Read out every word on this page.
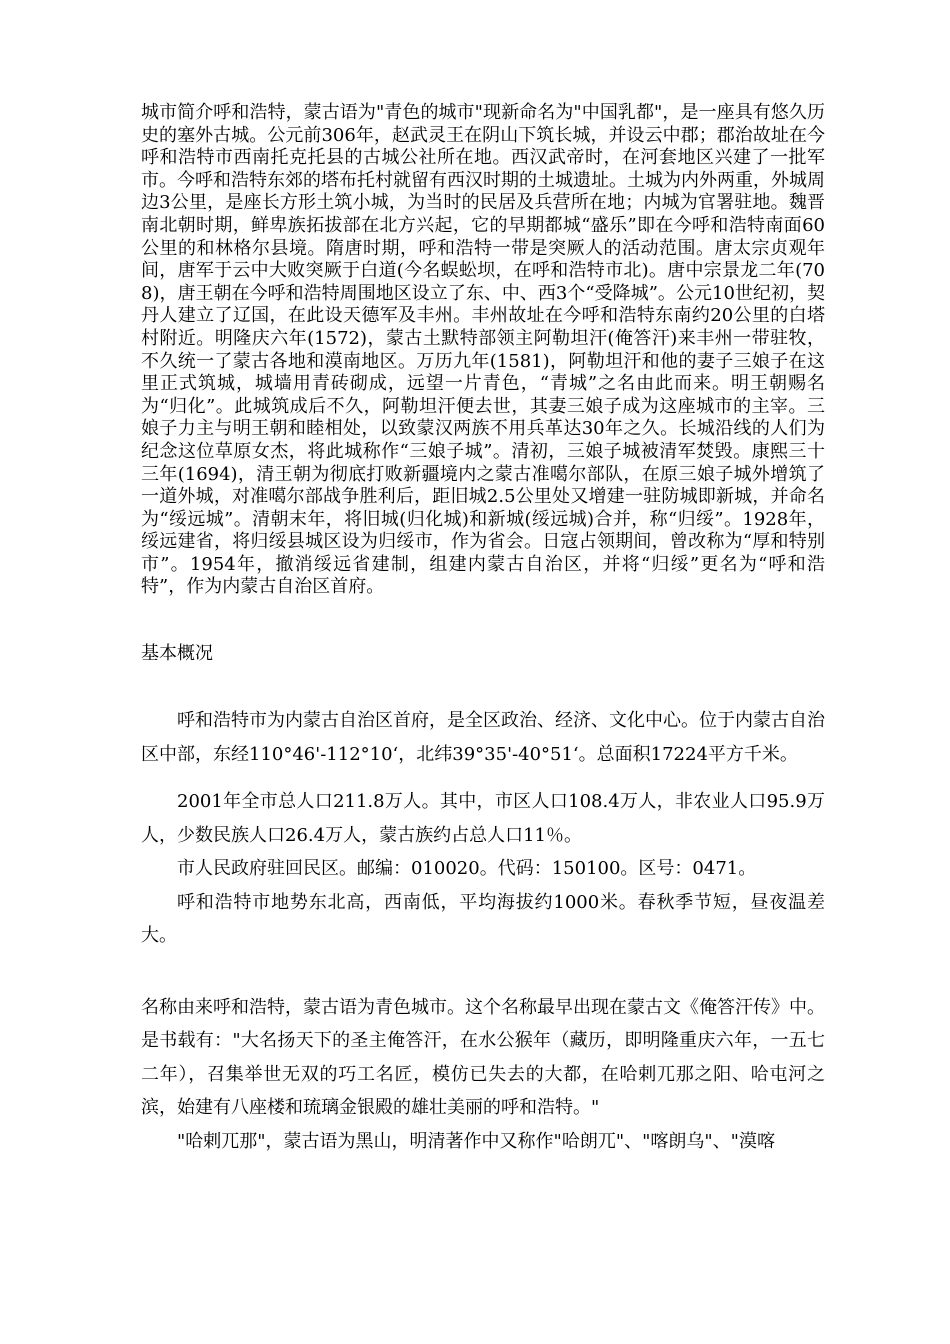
城市简介呼和浩特，蒙古语为"青色的城市"现新命名为"中国乳都"，是一座具有悠久历史的塞外古城。公元前306年，赵武灵王在阴山下筑长城，并设云中郡；郡治故址在今呼和浩特市西南托克托县的古城公社所在地。西汉武帝时，在河套地区兴建了一批军市。今呼和浩特东郊的塔布托村就留有西汉时期的土城遗址。土城为内外两重，外城周边3公里，是座长方形土筑小城，为当时的民居及兵营所在地；内城为官署驻地。魏晋南北朝时期，鲜卑族拓拔部在北方兴起，它的早期都城“盛乐”即在今呼和浩特南面60公里的和林格尔县境。隋唐时期，呼和浩特一带是突厥人的活动范围。唐太宗贞观年间，唐军于云中大败突厥于白道(今名蜈蚣坝，在呼和浩特市北)。唐中宗景龙二年(708)，唐王朝在今呼和浩特周围地区设立了东、中、西3个“受降城”。公元10世纪初，契丹人建立了辽国，在此设天德军及丰州。丰州故址在今呼和浩特东南约20公里的白塔村附近。明隆庆六年(1572)，蒙古土默特部领主阿勒坦汗(俺答汗)来丰州一带驻牧，不久统一了蒙古各地和漠南地区。万历九年(1581)，阿勒坦汗和他的妻子三娘子在这里正式筑城，城墙用青砖砌成，远望一片青色，“青城”之名由此而来。明王朝赐名为“归化”。此城筑成后不久，阿勒坦汗便去世，其妻三娘子成为这座城市的主宰。三娘子力主与明王朝和睦相处，以致蒙汉两族不用兵革达30年之久。长城沿线的人们为纪念这位草原女杰，将此城称作“三娘子城”。清初，三娘子城被清军焚毁。康熙三十三年(1694)，清王朝为彻底打败新疆境内之蒙古准噶尔部队，在原三娘子城外增筑了一道外城，对准噶尔部战争胜利后，距旧城2.5公里处又增建一驻防城即新城，并命名为“绥远城”。清朝末年，将旧城(归化城)和新城(绥远城)合并，称“归绥”。1928年，绥远建省，将归绥县城区设为归绥市，作为省会。日寇占领期间，曾改称为“厚和特别市”。1954年，撤消绥远省建制，组建内蒙古自治区，并将“归绥”更名为“呼和浩特”，作为内蒙古自治区首府。

基本概况

呼和浩特市为内蒙古自治区首府，是全区政治、经济、文化中心。位于内蒙古自治区中部，东经110°46'-112°10‘，北纬39°35'-40°51‘。总面积17224平方千米。

2001年全市总人口211.8万人。其中，市区人口108.4万人，非农业人口95.9万人，少数民族人口26.4万人，蒙古族约占总人口11％。

市人民政府驻回民区。邮编：010020。代码：150100。区号：0471。

呼和浩特市地势东北高，西南低，平均海拔约1000米。春秋季节短，昼夜温差大。

名称由来呼和浩特，蒙古语为青色城市。这个名称最早出现在蒙古文《俺答汗传》中。是书载有："大名扬天下的圣主俺答汗，在水公猴年（藏历，即明隆重庆六年，一五七二年），召集举世无双的巧工名匠，模仿已失去的大都，在哈剌兀那之阳、哈屯河之滨，始建有八座楼和琉璃金银殿的雄壮美丽的呼和浩特。"

"哈剌兀那"，蒙古语为黑山，明清著作中又称作"哈朗兀"、"喀朗乌"、"漠喀
